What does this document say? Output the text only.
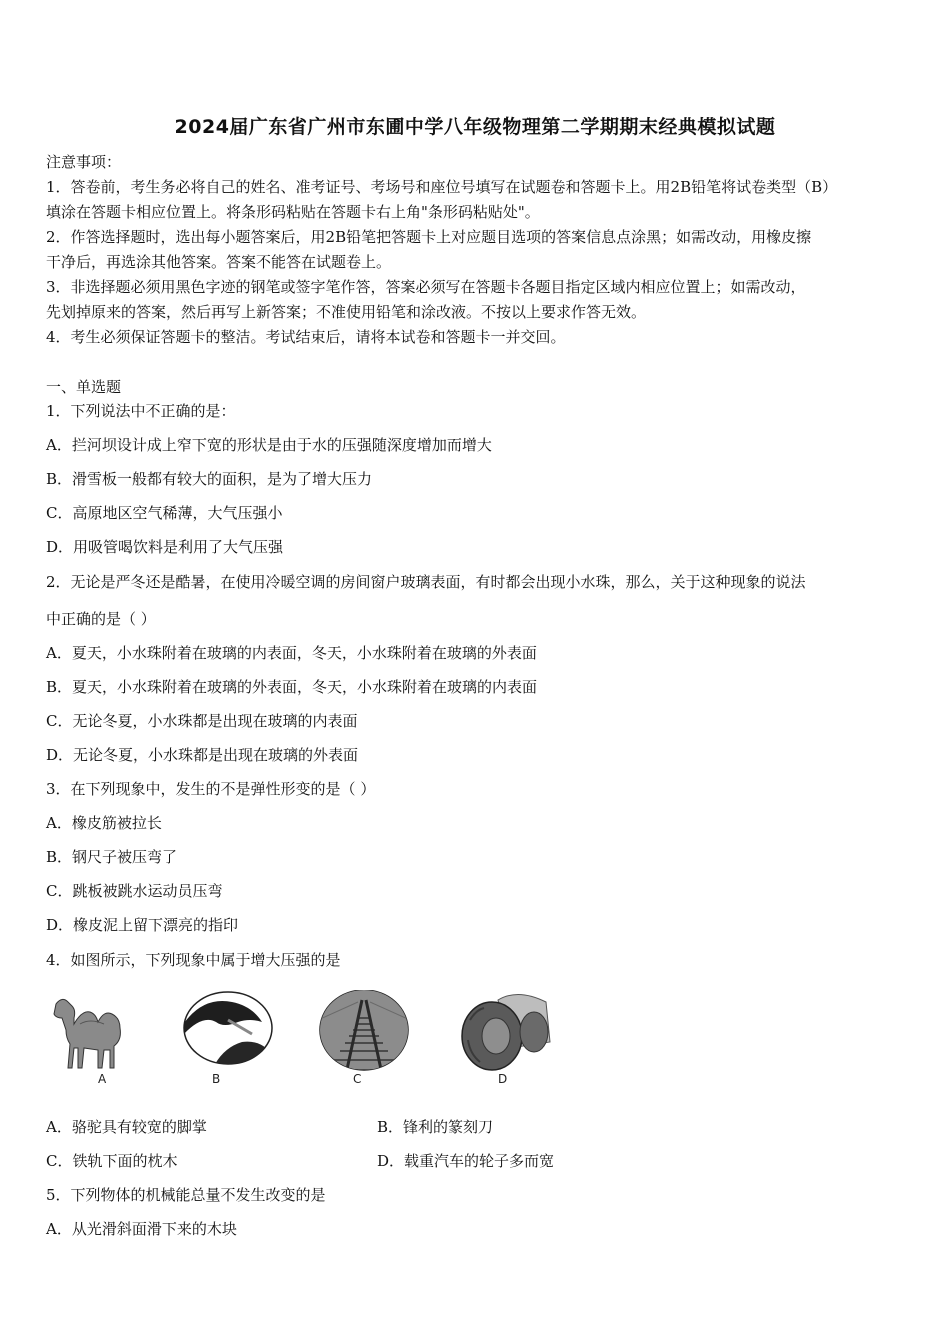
2024届广东省广州市东圃中学八年级物理第二学期期末经典模拟试题
注意事项：
1．答卷前，考生务必将自己的姓名、准考证号、考场号和座位号填写在试题卷和答题卡上。用2B铅笔将试卷类型（B）
填涂在答题卡相应位置上。将条形码粘贴在答题卡右上角"条形码粘贴处"。
2．作答选择题时，选出每小题答案后，用2B铅笔把答题卡上对应题目选项的答案信息点涂黑；如需改动，用橡皮擦
干净后，再选涂其他答案。答案不能答在试题卷上。
3．非选择题必须用黑色字迹的钢笔或签字笔作答，答案必须写在答题卡各题目指定区域内相应位置上；如需改动，
先划掉原来的答案，然后再写上新答案；不准使用铅笔和涂改液。不按以上要求作答无效。
4．考生必须保证答题卡的整洁。考试结束后，请将本试卷和答题卡一并交回。
一、单选题
1．下列说法中不正确的是：
A．拦河坝设计成上窄下宽的形状是由于水的压强随深度增加而增大
B．滑雪板一般都有较大的面积，是为了增大压力
C．高原地区空气稀薄，大气压强小
D．用吸管喝饮料是利用了大气压强
2．无论是严冬还是酷暑，在使用冷暖空调的房间窗户玻璃表面，有时都会出现小水珠，那么，关于这种现象的说法
中正确的是（ ）
A．夏天，小水珠附着在玻璃的内表面，冬天，小水珠附着在玻璃的外表面
B．夏天，小水珠附着在玻璃的外表面，冬天，小水珠附着在玻璃的内表面
C．无论冬夏，小水珠都是出现在玻璃的内表面
D．无论冬夏，小水珠都是出现在玻璃的外表面
3．在下列现象中，发生的不是弹性形变的是（ ）
A．橡皮筋被拉长
B．钢尺子被压弯了
C．跳板被跳水运动员压弯
D．橡皮泥上留下漂亮的指印
4．如图所示，下列现象中属于增大压强的是
A	B	C	D
A．骆驼具有较宽的脚掌	B．锋利的篆刻刀
C．铁轨下面的枕木	D．载重汽车的轮子多而宽
5．下列物体的机械能总量不发生改变的是
A．从光滑斜面滑下来的木块
